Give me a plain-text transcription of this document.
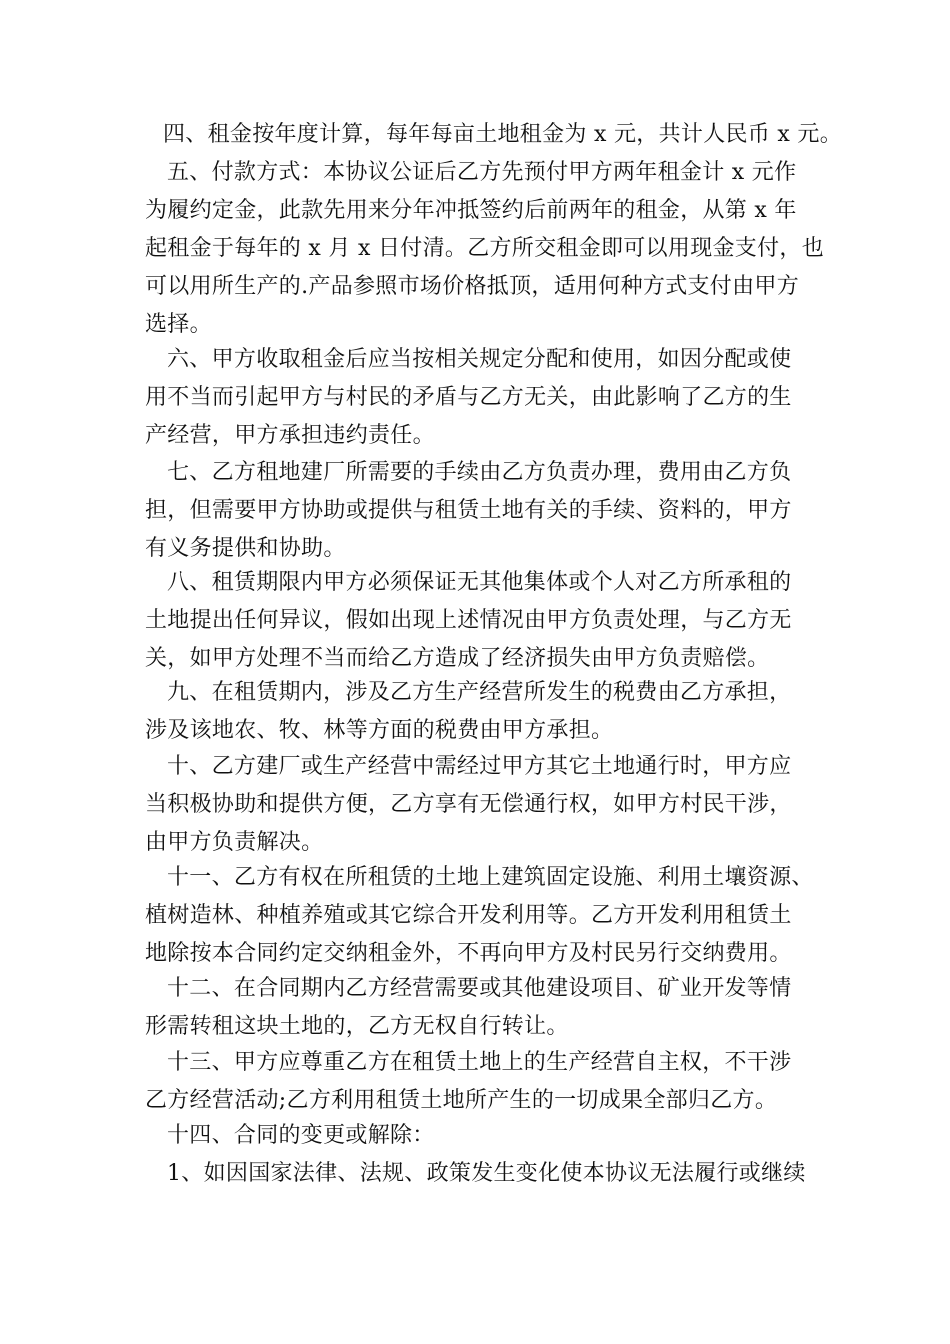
四、租金按年度计算，每年每亩土地租金为 x 元，共计人民币 x 元。
五、付款方式：本协议公证后乙方先预付甲方两年租金计 x 元作
为履约定金，此款先用来分年冲抵签约后前两年的租金，从第 x 年
起租金于每年的 x 月 x 日付清。乙方所交租金即可以用现金支付，也
可以用所生产的.产品参照市场价格抵顶，适用何种方式支付由甲方
选择。
六、甲方收取租金后应当按相关规定分配和使用，如因分配或使
用不当而引起甲方与村民的矛盾与乙方无关，由此影响了乙方的生
产经营，甲方承担违约责任。
七、乙方租地建厂所需要的手续由乙方负责办理，费用由乙方负
担，但需要甲方协助或提供与租赁土地有关的手续、资料的，甲方
有义务提供和协助。
八、租赁期限内甲方必须保证无其他集体或个人对乙方所承租的
土地提出任何异议，假如出现上述情况由甲方负责处理，与乙方无
关，如甲方处理不当而给乙方造成了经济损失由甲方负责赔偿。
九、在租赁期内，涉及乙方生产经营所发生的税费由乙方承担，
涉及该地农、牧、林等方面的税费由甲方承担。
十、乙方建厂或生产经营中需经过甲方其它土地通行时，甲方应
当积极协助和提供方便，乙方享有无偿通行权，如甲方村民干涉，
由甲方负责解决。
十一、乙方有权在所租赁的土地上建筑固定设施、利用土壤资源、
植树造林、种植养殖或其它综合开发利用等。乙方开发利用租赁土
地除按本合同约定交纳租金外，不再向甲方及村民另行交纳费用。
十二、在合同期内乙方经营需要或其他建设项目、矿业开发等情
形需转租这块土地的，乙方无权自行转让。
十三、甲方应尊重乙方在租赁土地上的生产经营自主权，不干涉
乙方经营活动;乙方利用租赁土地所产生的一切成果全部归乙方。
十四、合同的变更或解除：
1、如因国家法律、法规、政策发生变化使本协议无法履行或继续
